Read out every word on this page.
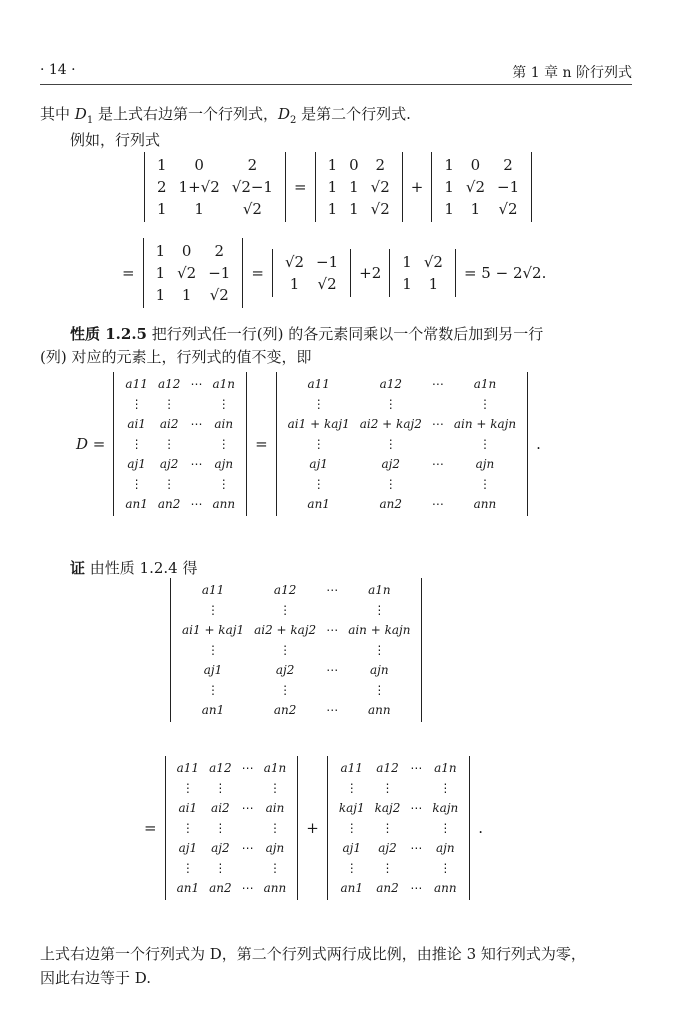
· 14 ·	第 1 章 n 阶行列式
其中 $D_1$ 是上式右边第一个行列式，$D_2$ 是第二个行列式.
例如，行列式
1	0	2
2	1+√2	√2−1
1	1	√2
=
1	0	2
1	1	√2
1	1	√2
+
1	0	2
1	√2	−1
1	1	√2
=
1	0	2
1	√2	−1
1	1	√2
=
√2	−1
1	√2
+2
1	√2
1	1
= 5 − 2√2.
性质 1.2.5 把行列式任一行(列) 的各元素同乘以一个常数后加到另一行
(列) 对应的元素上，行列式的值不变，即
D =
a11	a12	⋯	a1n
⋮	⋮		⋮
ai1	ai2	⋯	ain
⋮	⋮		⋮
aj1	aj2	⋯	ajn
⋮	⋮		⋮
an1	an2	⋯	ann
=
a11	a12	⋯	a1n
⋮	⋮		⋮
ai1 + kaj1	ai2 + kaj2	⋯	ain + kajn
⋮	⋮		⋮
aj1	aj2	⋯	ajn
⋮	⋮		⋮
an1	an2	⋯	ann
.
证 由性质 1.2.4 得
a11	a12	⋯	a1n
⋮	⋮		⋮
ai1 + kaj1	ai2 + kaj2	⋯	ain + kajn
⋮	⋮		⋮
aj1	aj2	⋯	ajn
⋮	⋮		⋮
an1	an2	⋯	ann
=
a11	a12	⋯	a1n
⋮	⋮		⋮
ai1	ai2	⋯	ain
⋮	⋮		⋮
aj1	aj2	⋯	ajn
⋮	⋮		⋮
an1	an2	⋯	ann
+
a11	a12	⋯	a1n
⋮	⋮		⋮
kaj1	kaj2	⋯	kajn
⋮	⋮		⋮
aj1	aj2	⋯	ajn
⋮	⋮		⋮
an1	an2	⋯	ann
.
上式右边第一个行列式为 D，第二个行列式两行成比例，由推论 3 知行列式为零，
因此右边等于 D.
